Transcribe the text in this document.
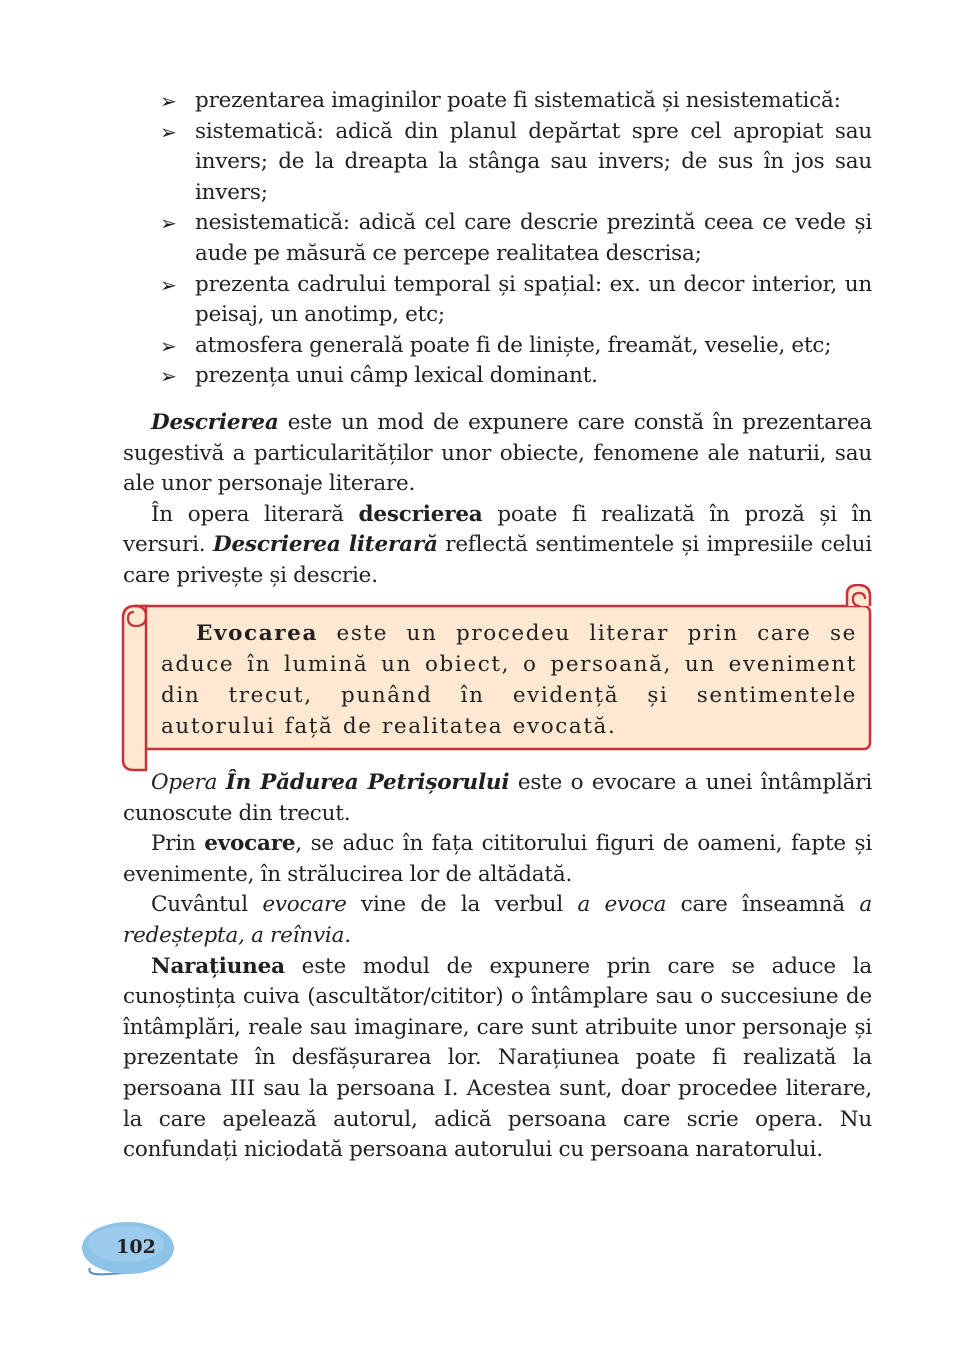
➢ prezentarea imaginilor poate fi sistematică și nesistematică:
➢ sistematică: adică din planul depărtat spre cel apropiat sau invers; de la dreapta la stânga sau invers; de sus în jos sau invers;
➢ nesistematică: adică cel care descrie prezintă ceea ce vede și aude pe măsură ce percepe realitatea descrisa;
➢ prezenta cadrului temporal și spațial: ex. un decor interior, un peisaj, un anotimp, etc;
➢ atmosfera generală poate fi de liniște, freamăt, veselie, etc;
➢ prezența unui câmp lexical dominant.

Descrierea este un mod de expunere care constă în prezentarea sugestivă a particularităților unor obiecte, fenomene ale naturii, sau ale unor personaje literare.

În opera literară descrierea poate fi realizată în proză și în versuri. Descrierea literară reflectă sentimentele și impresiile celui care privește și descrie.

Evocarea este un procedeu literar prin care se aduce în lumină un obiect, o persoană, un eveniment din trecut, punând în evidență și sentimentele autorului față de realitatea evocată.

Opera În Pădurea Petrișorului este o evocare a unei întâmplări cunoscute din trecut.

Prin evocare, se aduc în fața cititorului figuri de oameni, fapte și evenimente, în strălucirea lor de altădată.

Cuvântul evocare vine de la verbul a evoca care înseamnă a redeștepta, a reînvia.

Narațiunea este modul de expunere prin care se aduce la cunoștința cuiva (ascultător/cititor) o întâmplare sau o succesiune de întâmplări, reale sau imaginare, care sunt atribuite unor personaje și prezentate în desfășurarea lor. Narațiunea poate fi realizată la persoana III sau la persoana I. Acestea sunt, doar procedee literare, la care apelează autorul, adică persoana care scrie opera. Nu confundați niciodată persoana autorului cu persoana naratorului.

102
